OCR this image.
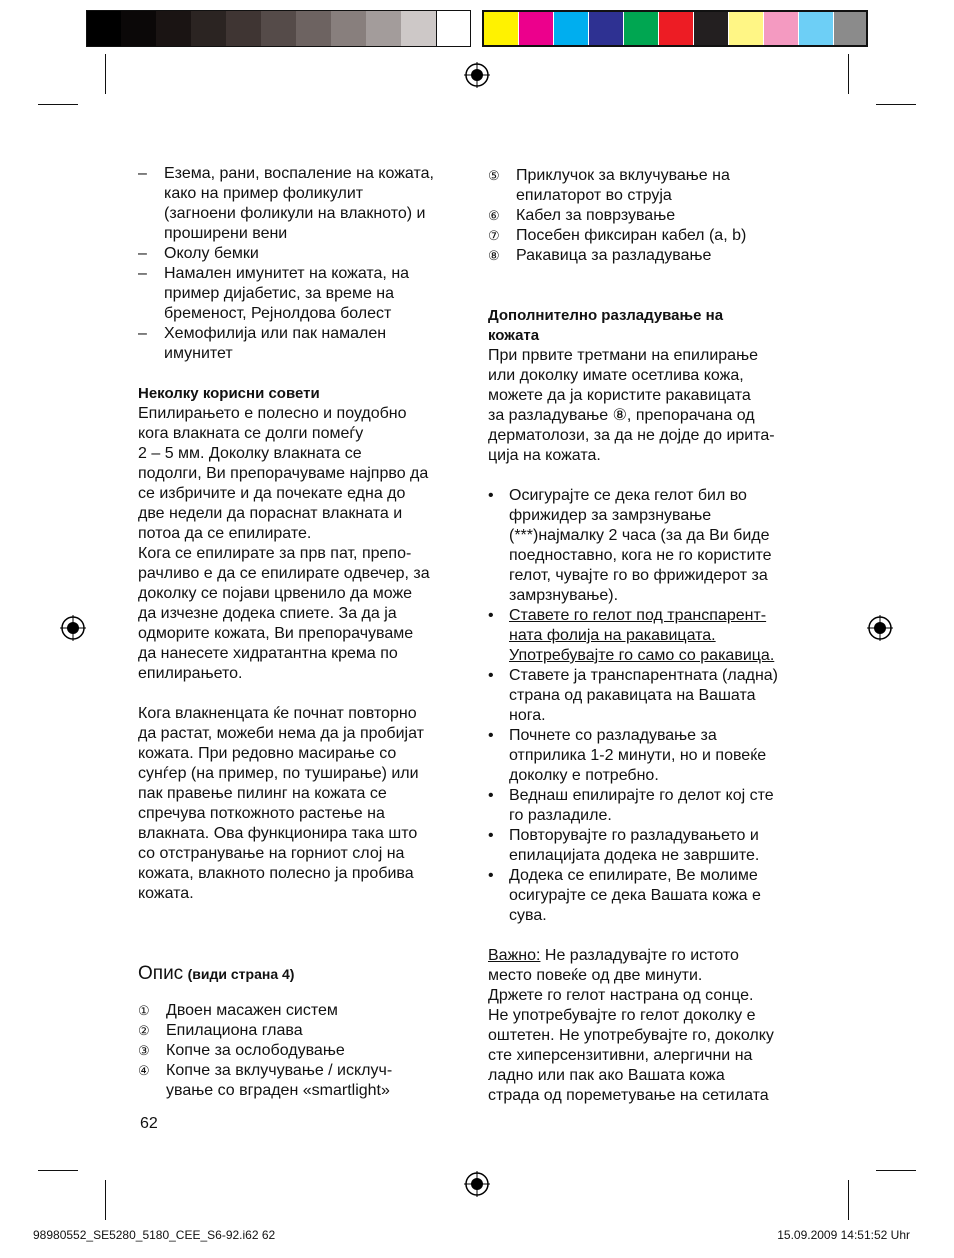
– Езема, рани, воспаление на кожата,
како на пример фоликулит
(загноени фоликули на влакното) и
проширени вени

– Околу бемки

– Намален имунитет на кожата, на
пример дијабетис, за време на
бременост, Рејнолдова болест

– Хемофилија или пак намален
имунитет

Неколку корисни совети

Епилирањето е полесно и поудобно

кога влакната се долги помеѓу

2 – 5 мм. Доколку влакната се

подолги, Ви препорачуваме најпрво да

се избричите и да почекате една до

две недели да пораснат влакната и

потоа да се епилирате.

Кога се епилирате за прв пат, препо-

рачливо е да се епилирате одвечер, за

доколку се појави црвенило да може

да изчезне додека спиете. За да ја

одморите кожата, Ви препорачуваме

да нанесете хидратантна крема по

епилирањето.

Кога влакненцата ќе почнат повторно

да растат, можеби нема да ја пробијат

кожата. При редовно масирање со

сунѓер (на пример, по туширање) или

пак правење пилинг на кожата се

спречува поткожното растење на

влакната. Ова функционира така што

со отстранување на горниот слој на

кожата, влакното полесно ја пробива

кожата.

Опис (види страна 4)

① Двоен масажен систем

② Епилациона глава

③ Копче за ослободување

④ Копче за вклучување / исклуч-
ување со вграден «smartlight»

62

⑤ Приклучок за вклучување на
епилаторот во струја

⑥ Кабел за поврзување

⑦ Посебен фиксиран кабел (a, b)

⑧ Ракавица за разладување

Дополнително разладување на

кожата

При првите третмани на епилирање

или доколку имате осетлива кожа,

можете да ја користите ракавицата

за разладување ⑧, препорачана од

дерматолози, за да не дојде до ирита-

ција на кожата.

• Осигурајте се дека гелот бил во
фрижидер за замрзнување
(***)најмалку 2 часа (за да Ви биде
поедноставно, кога не го користите
гелот, чувајте го во фрижидерот за
замрзнување).

• Ставете го гелот под транспарент-
ната фолија на ракавицата.
Употребувајте го само со ракавица.

• Ставете ја транспарентната (ладна)
страна од ракавицата на Вашата
нога.

• Почнете со разладување за
отприлика 1-2 минути, но и повеќе
доколку е потребно.

• Веднаш епилирајте го делот кој сте
го разладиле.

• Повторувајте го разладувањето и
епилацијата додека не завршите.

• Додека се епилирате, Ве молиме
осигурајте се дека Вашата кожа е
сува.

Важно: Не разладувајте го истото

место повеќе од две минути.

Држете го гелот настрана од сонце.

Не употребувајте го гелот доколку е

оштетен. Не употребувајте го, доколку

сте хиперсензитивни, алергични на

ладно или пак ако Вашата кожа

страда од пореметување на сетилата

98980552_SE5280_5180_CEE_S6-92.i62 62	15.09.2009 14:51:52 Uhr
